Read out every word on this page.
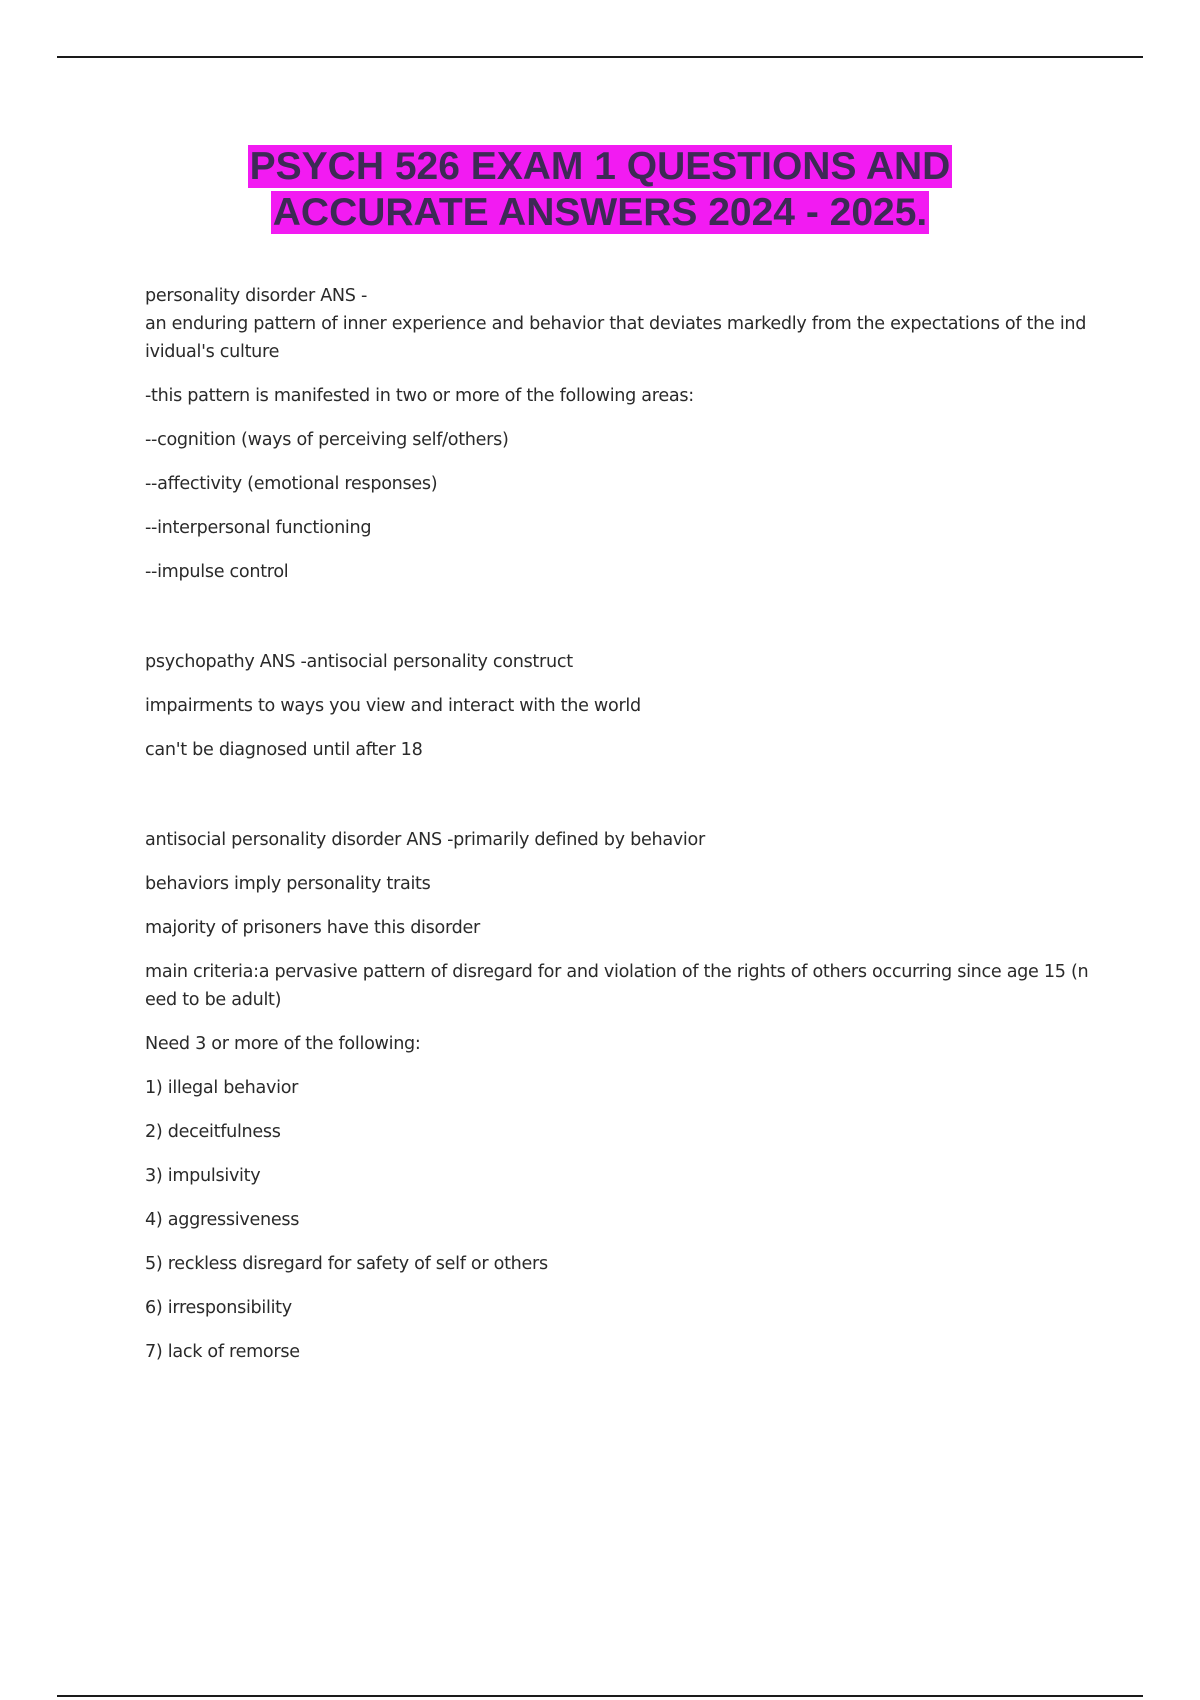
PSYCH 526 EXAM 1 QUESTIONS AND
ACCURATE ANSWERS 2024 - 2025.
personality disorder ANS -
an enduring pattern of inner experience and behavior that deviates markedly from the expectations of the individual's culture
-this pattern is manifested in two or more of the following areas:
--cognition (ways of perceiving self/others)
--affectivity (emotional responses)
--interpersonal functioning
--impulse control
psychopathy ANS -antisocial personality construct
impairments to ways you view and interact with the world
can't be diagnosed until after 18
antisocial personality disorder ANS -primarily defined by behavior
behaviors imply personality traits
majority of prisoners have this disorder
main criteria:a pervasive pattern of disregard for and violation of the rights of others occurring since age 15 (need to be adult)
Need 3 or more of the following:
1) illegal behavior
2) deceitfulness
3) impulsivity
4) aggressiveness
5) reckless disregard for safety of self or others
6) irresponsibility
7) lack of remorse
